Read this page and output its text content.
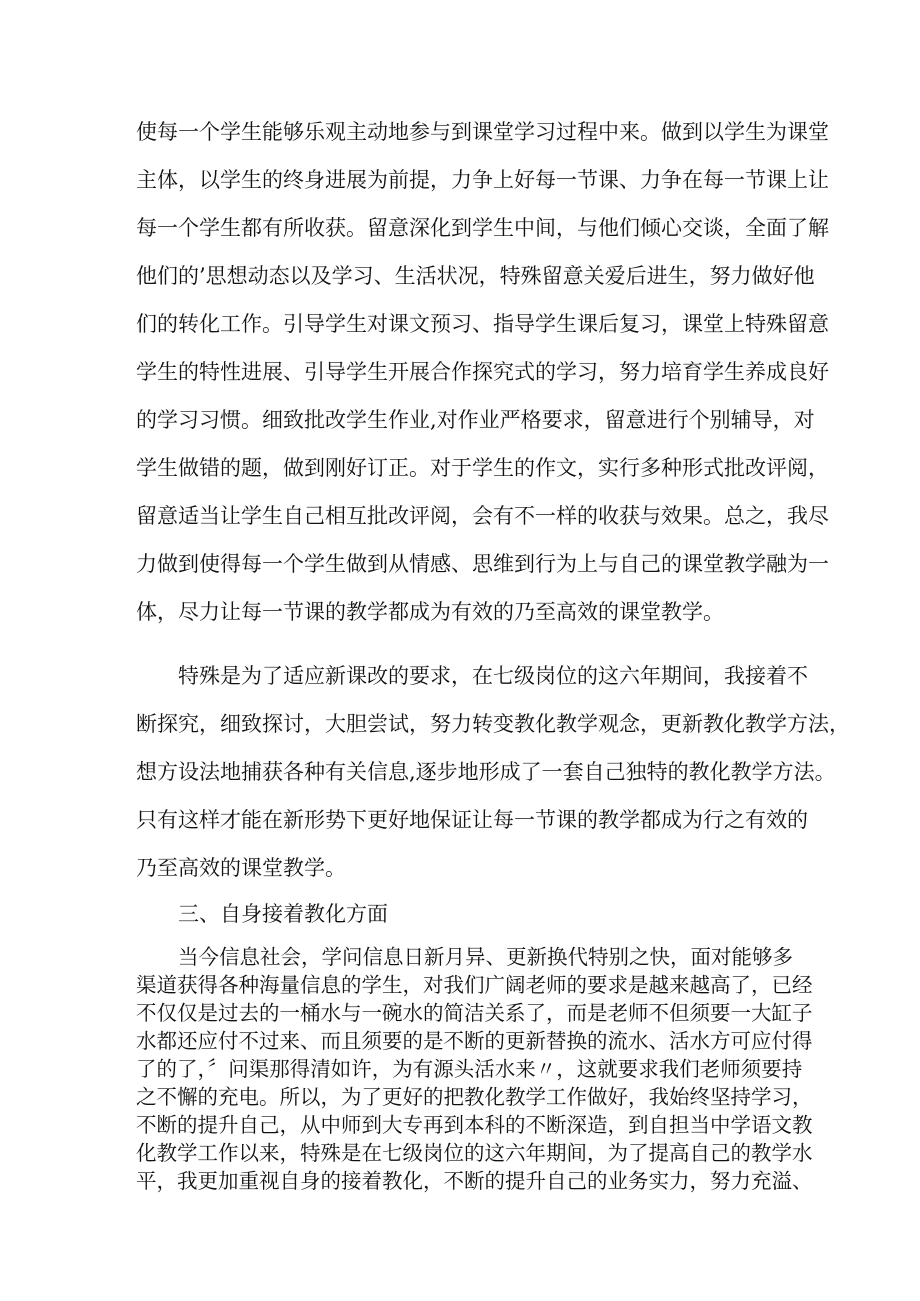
使每一个学生能够乐观主动地参与到课堂学习过程中来。做到以学生为课堂

主体，以学生的终身进展为前提，力争上好每一节课、力争在每一节课上让

每一个学生都有所收获。留意深化到学生中间，与他们倾心交谈，全面了解

他们的’思想动态以及学习、生活状况，特殊留意关爱后进生，努力做好他

们的转化工作。引导学生对课文预习、指导学生课后复习，课堂上特殊留意

学生的特性进展、引导学生开展合作探究式的学习，努力培育学生养成良好

的学习习惯。细致批改学生作业,对作业严格要求，留意进行个别辅导，对

学生做错的题，做到刚好订正。对于学生的作文，实行多种形式批改评阅，

留意适当让学生自己相互批改评阅，会有不一样的收获与效果。总之，我尽

力做到使得每一个学生做到从情感、思维到行为上与自己的课堂教学融为一

体，尽力让每一节课的教学都成为有效的乃至高效的课堂教学。

特殊是为了适应新课改的要求，在七级岗位的这六年期间，我接着不

断探究，细致探讨，大胆尝试，努力转变教化教学观念，更新教化教学方法，

想方设法地捕获各种有关信息,逐步地形成了一套自己独特的教化教学方法。

只有这样才能在新形势下更好地保证让每一节课的教学都成为行之有效的

乃至高效的课堂教学。

三、自身接着教化方面

当今信息社会，学问信息日新月异、更新换代特别之快，面对能够多

渠道获得各种海量信息的学生，对我们广阔老师的要求是越来越高了，已经

不仅仅是过去的一桶水与一碗水的简洁关系了，而是老师不但须要一大缸子

水都还应付不过来、而且须要的是不断的更新替换的流水、活水方可应付得

了的了，〞问渠那得清如许，为有源头活水来〃，这就要求我们老师须要持

之不懈的充电。所以，为了更好的把教化教学工作做好，我始终坚持学习，

不断的提升自己，从中师到大专再到本科的不断深造，到自担当中学语文教

化教学工作以来，特殊是在七级岗位的这六年期间，为了提高自己的教学水

平，我更加重视自身的接着教化，不断的提升自己的业务实力，努力充溢、
